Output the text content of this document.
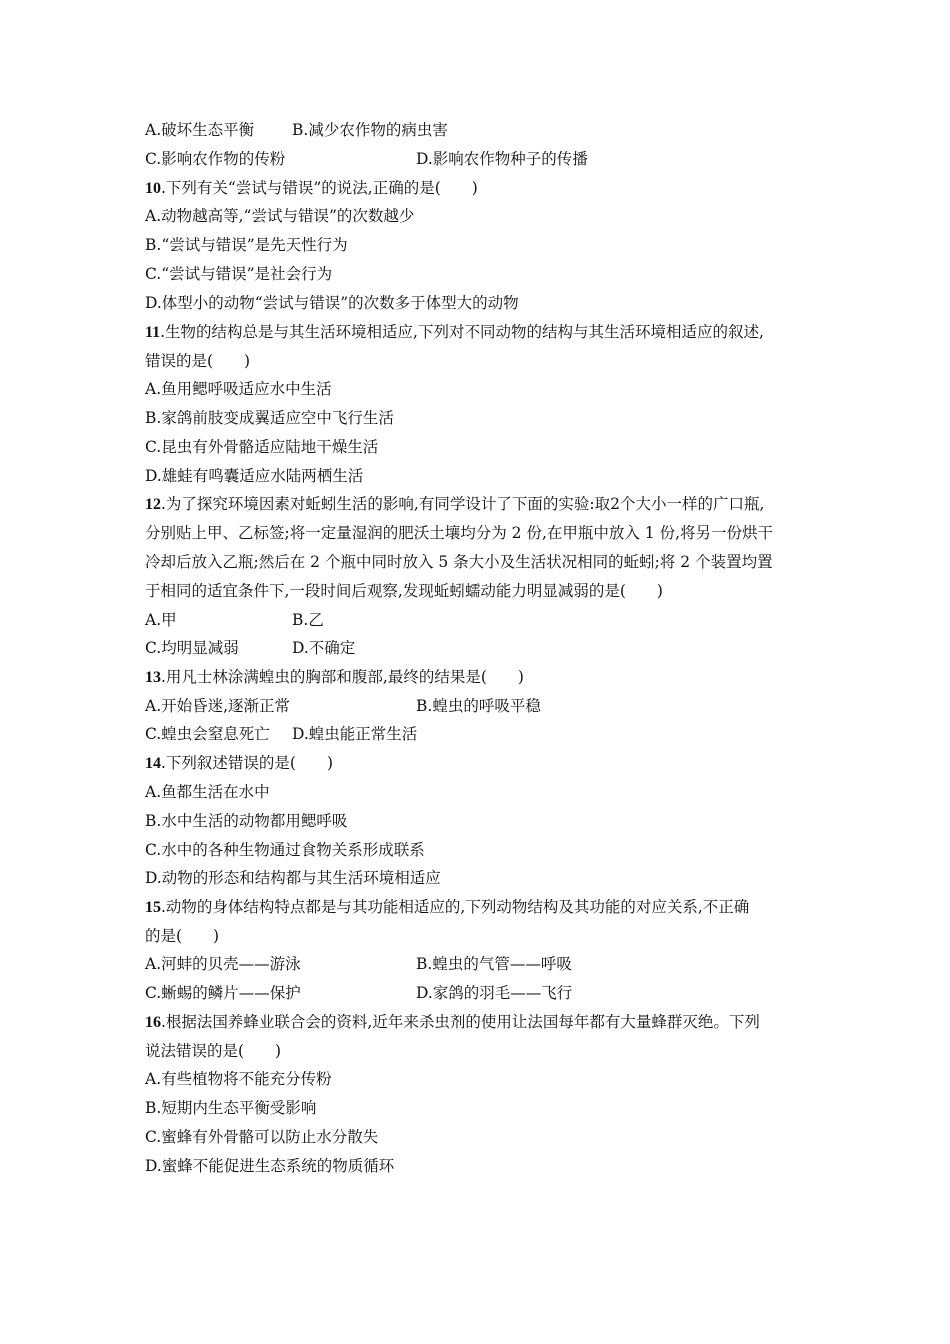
A.破坏生态平衡 B.减少农作物的病虫害
C.影响农作物的传粉	D.影响农作物种子的传播
10.下列有关“尝试与错误”的说法,正确的是(　　)
A.动物越高等,“尝试与错误”的次数越少
B.“尝试与错误”是先天性行为
C.“尝试与错误”是社会行为
D.体型小的动物“尝试与错误”的次数多于体型大的动物
11.生物的结构总是与其生活环境相适应,下列对不同动物的结构与其生活环境相适应的叙述,
错误的是(　　)
A.鱼用鳃呼吸适应水中生活
B.家鸽前肢变成翼适应空中飞行生活
C.昆虫有外骨骼适应陆地干燥生活
D.雄蛙有鸣囊适应水陆两栖生活
12.为了探究环境因素对蚯蚓生活的影响,有同学设计了下面的实验:取2个大小一样的广口瓶,
分别贴上甲、乙标签;将一定量湿润的肥沃土壤均分为 2 份,在甲瓶中放入 1 份,将另一份烘干
冷却后放入乙瓶;然后在 2 个瓶中同时放入 5 条大小及生活状况相同的蚯蚓;将 2 个装置均置
于相同的适宜条件下,一段时间后观察,发现蚯蚓蠕动能力明显减弱的是(　　)
A.甲	B.乙
C.均明显减弱	D.不确定
13.用凡士林涂满蝗虫的胸部和腹部,最终的结果是(　　)
A.开始昏迷,逐渐正常	B.蝗虫的呼吸平稳
C.蝗虫会窒息死亡 D.蝗虫能正常生活
14.下列叙述错误的是(　　)
A.鱼都生活在水中
B.水中生活的动物都用鳃呼吸
C.水中的各种生物通过食物关系形成联系
D.动物的形态和结构都与其生活环境相适应
15.动物的身体结构特点都是与其功能相适应的,下列动物结构及其功能的对应关系,不正确
的是(　　)
A.河蚌的贝壳——游泳	B.蝗虫的气管——呼吸
C.蜥蜴的鳞片——保护	D.家鸽的羽毛——飞行
16.根据法国养蜂业联合会的资料,近年来杀虫剂的使用让法国每年都有大量蜂群灭绝。下列
说法错误的是(　　)
A.有些植物将不能充分传粉
B.短期内生态平衡受影响
C.蜜蜂有外骨骼可以防止水分散失
D.蜜蜂不能促进生态系统的物质循环
